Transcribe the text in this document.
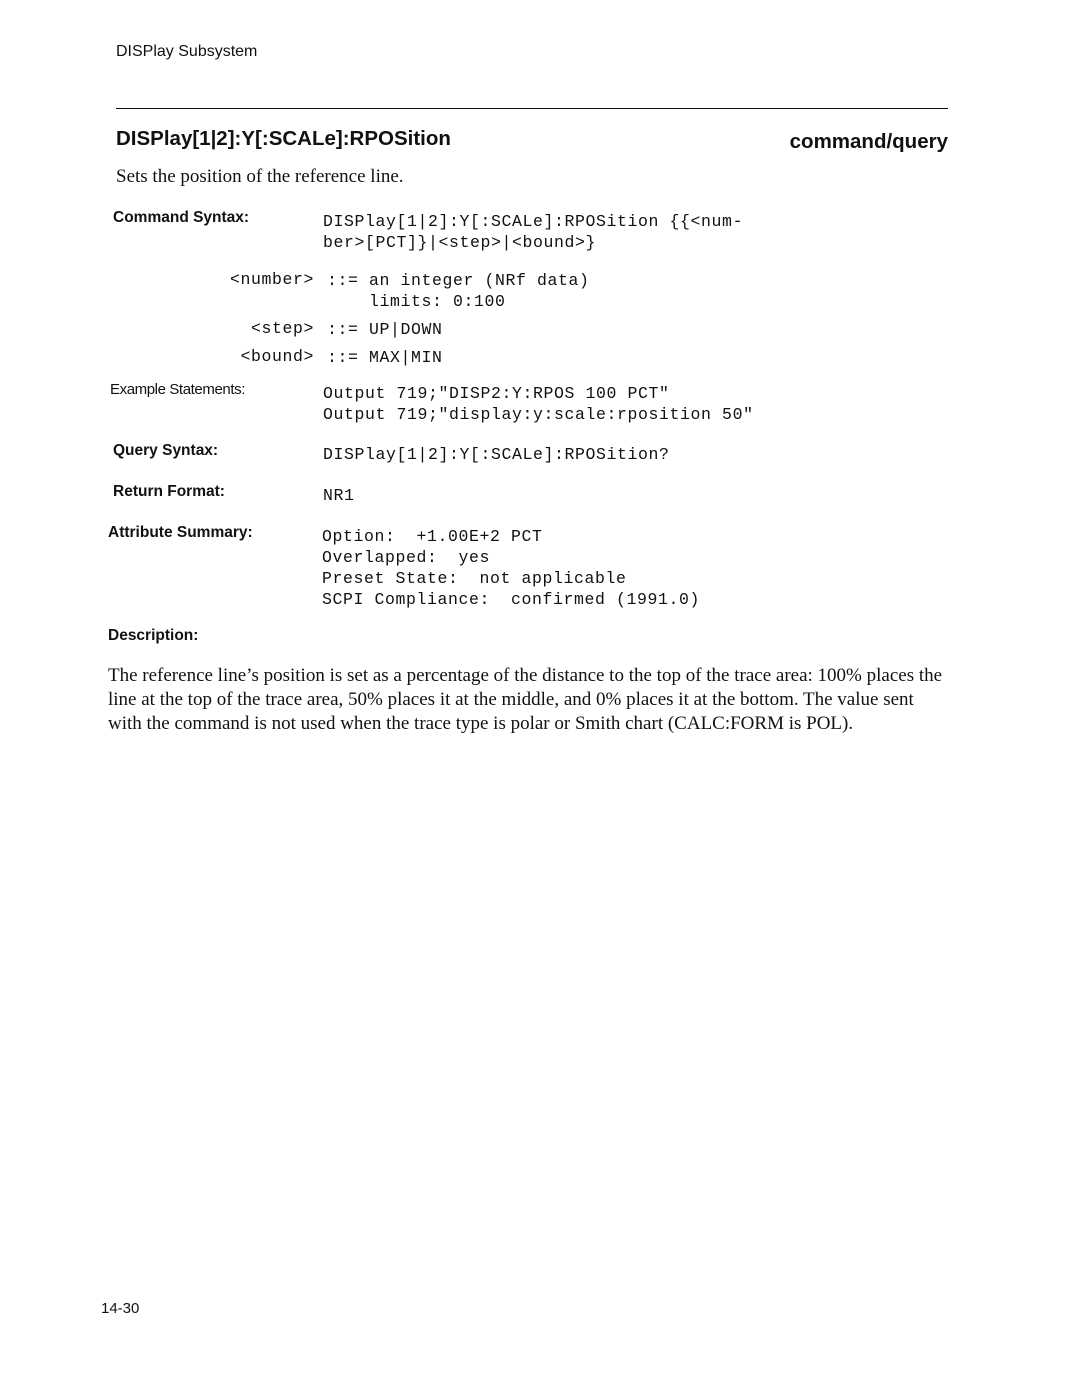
DISPlay Subsystem
DISPlay[1|2]:Y[:SCALe]:RPOSition	command/query
Sets the position of the reference line.
Command Syntax:	DISPlay[1|2]:Y[:SCALe]:RPOSition {{<num-
ber>[PCT]}|<step>|<bound>}
<number> ::= an integer (NRf data)
limits: 0:100
<step> ::= UP|DOWN
<bound> ::= MAX|MIN
Example Statements:	Output 719;"DISP2:Y:RPOS 100 PCT"
Output 719;"display:y:scale:rposition 50"
Query Syntax:	DISPlay[1|2]:Y[:SCALe]:RPOSition?
Return Format:	NR1
Attribute Summary:	Option:  +1.00E+2 PCT
Overlapped:  yes
Preset State:  not applicable
SCPI Compliance:  confirmed (1991.0)
Description:
The reference line’s position is set as a percentage of the distance to the top of the trace area: 100% places the line at the top of the trace area, 50% places it at the middle, and 0% places it at the bottom. The value sent with the command is not used when the trace type is polar or Smith chart (CALC:FORM is POL).
14-30
